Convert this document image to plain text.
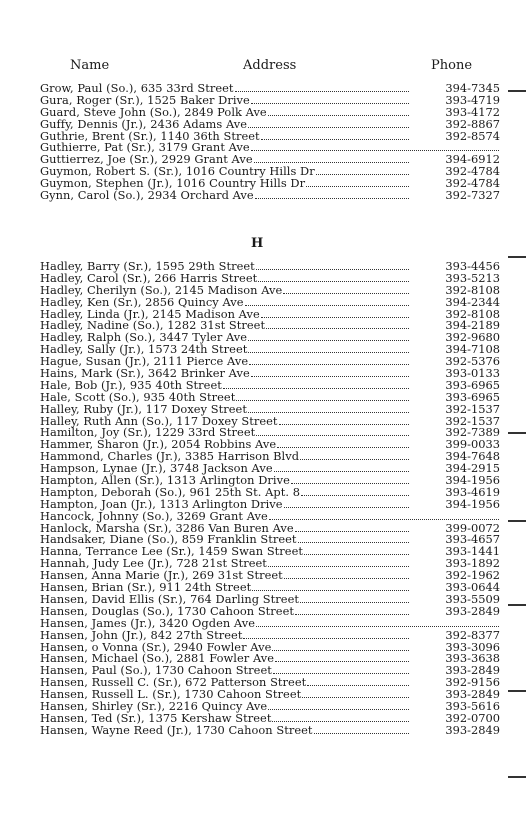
Name	Address	Phone
Grow, Paul (So.), 635 33rd Street	394-7345
Gura, Roger (Sr.), 1525 Baker Drive	393-4719
Guard, Steve John (So.), 2849 Polk Ave	393-4172
Guffy, Dennis (Jr.), 2436 Adams Ave	392-8867
Guthrie, Brent (Sr.), 1140 36th Street	392-8574
Guthierre, Pat (Sr.), 3179 Grant Ave
Guttierrez, Joe (Sr.), 2929 Grant Ave	394-6912
Guymon, Robert S. (Sr.), 1016 Country Hills Dr	392-4784
Guymon, Stephen (Jr.), 1016 Country Hills Dr	392-4784
Gynn, Carol (So.), 2934 Orchard Ave	392-7327
H
Hadley, Barry (Sr.), 1595 29th Street	393-4456
Hadley, Carol (Sr.), 266 Harris Street	393-5213
Hadley, Cherilyn (So.), 2145 Madison Ave	392-8108
Hadley, Ken (Sr.), 2856 Quincy Ave	394-2344
Hadley, Linda (Jr.), 2145 Madison Ave	392-8108
Hadley, Nadine (So.), 1282 31st Street	394-2189
Hadley, Ralph (So.), 3447 Tyler Ave	392-9680
Hadley, Sally (Jr.), 1573 24th Street	394-7108
Hague, Susan (Jr.), 2111 Pierce Ave	392-5376
Hains, Mark (Sr.), 3642 Brinker Ave	393-0133
Hale, Bob (Jr.), 935 40th Street	393-6965
Hale, Scott (So.), 935 40th Street	393-6965
Halley, Ruby (Jr.), 117 Doxey Street	392-1537
Halley, Ruth Ann (So.), 117 Doxey Street	392-1537
Hamilton, Joy (Sr.), 1229 33rd Street	392-7389
Hammer, Sharon (Jr.), 2054 Robbins Ave	399-0033
Hammond, Charles (Jr.), 3385 Harrison Blvd	394-7648
Hampson, Lynae (Jr.), 3748 Jackson Ave	394-2915
Hampton, Allen (Sr.), 1313 Arlington Drive	394-1956
Hampton, Deborah (So.), 961 25th St. Apt. 8	393-4619
Hampton, Joan (Jr.), 1313 Arlington Drive	394-1956
Hancock, Johnny (So.), 3269 Grant Ave
Hanlock, Marsha (Sr.), 3286 Van Buren Ave	399-0072
Handsaker, Diane (So.), 859 Franklin Street	393-4657
Hanna, Terrance Lee (Sr.), 1459 Swan Street	393-1441
Hannah, Judy Lee (Jr.), 728 21st Street	393-1892
Hansen, Anna Marie (Jr.), 269 31st Street	392-1962
Hansen, Brian (Sr.), 911 24th Street	393-0644
Hansen, David Ellis (Sr.), 764 Darling Street	393-5509
Hansen, Douglas (So.), 1730 Cahoon Street	393-2849
Hansen, James (Jr.), 3420 Ogden Ave
Hansen, John (Jr.), 842 27th Street	392-8377
Hansen, o Vonna (Sr.), 2940 Fowler Ave	393-3096
Hansen, Michael (So.), 2881 Fowler Ave	393-3638
Hansen, Paul (So.), 1730 Cahoon Street	393-2849
Hansen, Russell C. (Sr.), 672 Patterson Street	392-9156
Hansen, Russell L. (Sr.), 1730 Cahoon Street	393-2849
Hansen, Shirley (Sr.), 2216 Quincy Ave	393-5616
Hansen, Ted (Sr.), 1375 Kershaw Street	392-0700
Hansen, Wayne Reed (Jr.), 1730 Cahoon Street	393-2849
